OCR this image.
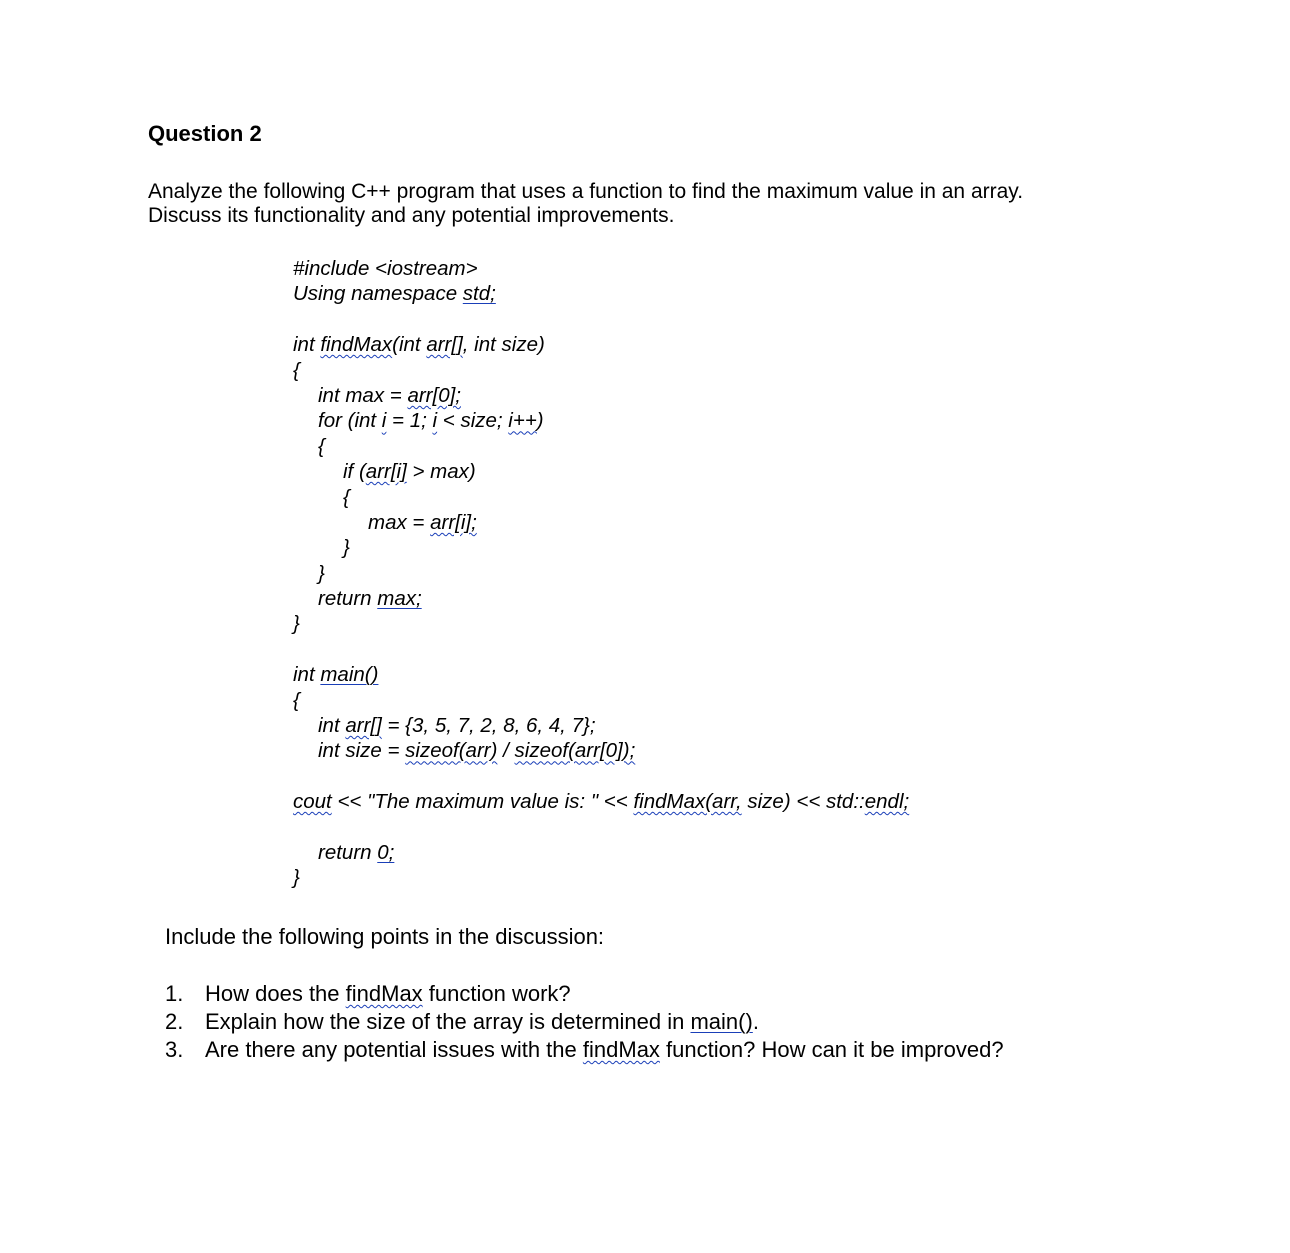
Question 2
Analyze the following C++ program that uses a function to find the maximum value in an array.
Discuss its functionality and any potential improvements.
#include <iostream>
Using namespace std;
int findMax(int arr[], int size)
{
int max = arr[0];
for (int i = 1; i < size; i++)
{
if (arr[i] > max)
{
max = arr[i];
}
}
return max;
}
int main()
{
int arr[] = {3, 5, 7, 2, 8, 6, 4, 7};
int size = sizeof(arr) / sizeof(arr[0]);
cout << "The maximum value is: " << findMax(arr, size) << std::endl;
return 0;
}
Include the following points in the discussion:
1. How does the findMax function work?
2. Explain how the size of the array is determined in main().
3. Are there any potential issues with the findMax function? How can it be improved?
